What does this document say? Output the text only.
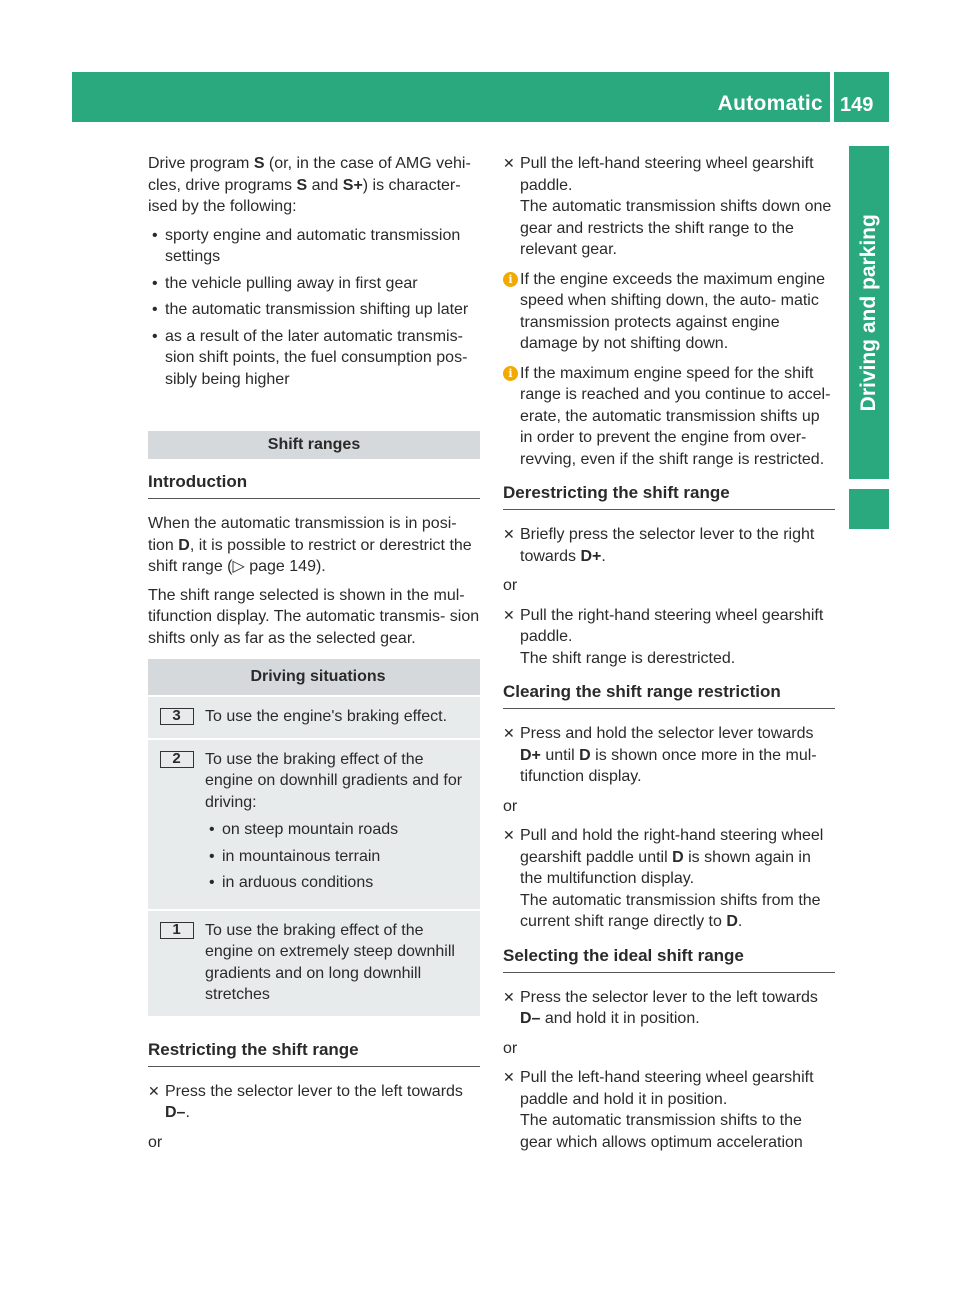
Automatic transmission
149
Driving and parking

Drive program S (or, in the case of AMG vehi- cles, drive programs S and S+) is character- ised by the following:

• sporty engine and automatic transmission settings
• the vehicle pulling away in first gear
• the automatic transmission shifting up later
• as a result of the later automatic transmis- sion shift points, the fuel consumption pos- sibly being higher
Shift ranges
Introduction

When the automatic transmission is in posi- tion D, it is possible to restrict or derestrict the shift range (▷ page 149).

The shift range selected is shown in the mul- tifunction display. The automatic transmis- sion shifts only as far as the selected gear.

Driving situations
3	To use the engine's braking effect.
2	To use the braking effect of the engine on downhill gradients and for driving:
• on steep mountain roads
• in mountainous terrain
• in arduous conditions
1	To use the braking effect of the engine on extremely steep downhill gradients and on long downhill stretches
Restricting the shift range
✕ Press the selector lever to the left towards D–.
or
✕ Pull the left-hand steering wheel gearshift paddle.
The automatic transmission shifts down one gear and restricts the shift range to the relevant gear.
i If the engine exceeds the maximum engine speed when shifting down, the auto- matic transmission protects against engine damage by not shifting down.
i If the maximum engine speed for the shift range is reached and you continue to accel- erate, the automatic transmission shifts up in order to prevent the engine from over- revving, even if the shift range is restricted.
Derestricting the shift range
✕ Briefly press the selector lever to the right towards D+.
or
✕ Pull the right-hand steering wheel gearshift paddle.
The shift range is derestricted.
Clearing the shift range restriction
✕ Press and hold the selector lever towards D+ until D is shown once more in the mul- tifunction display.
or
✕ Pull and hold the right-hand steering wheel gearshift paddle until D is shown again in the multifunction display.
The automatic transmission shifts from the current shift range directly to D.
Selecting the ideal shift range
✕ Press the selector lever to the left towards D– and hold it in position.
or
✕ Pull the left-hand steering wheel gearshift paddle and hold it in position.
The automatic transmission shifts to the gear which allows optimum acceleration
